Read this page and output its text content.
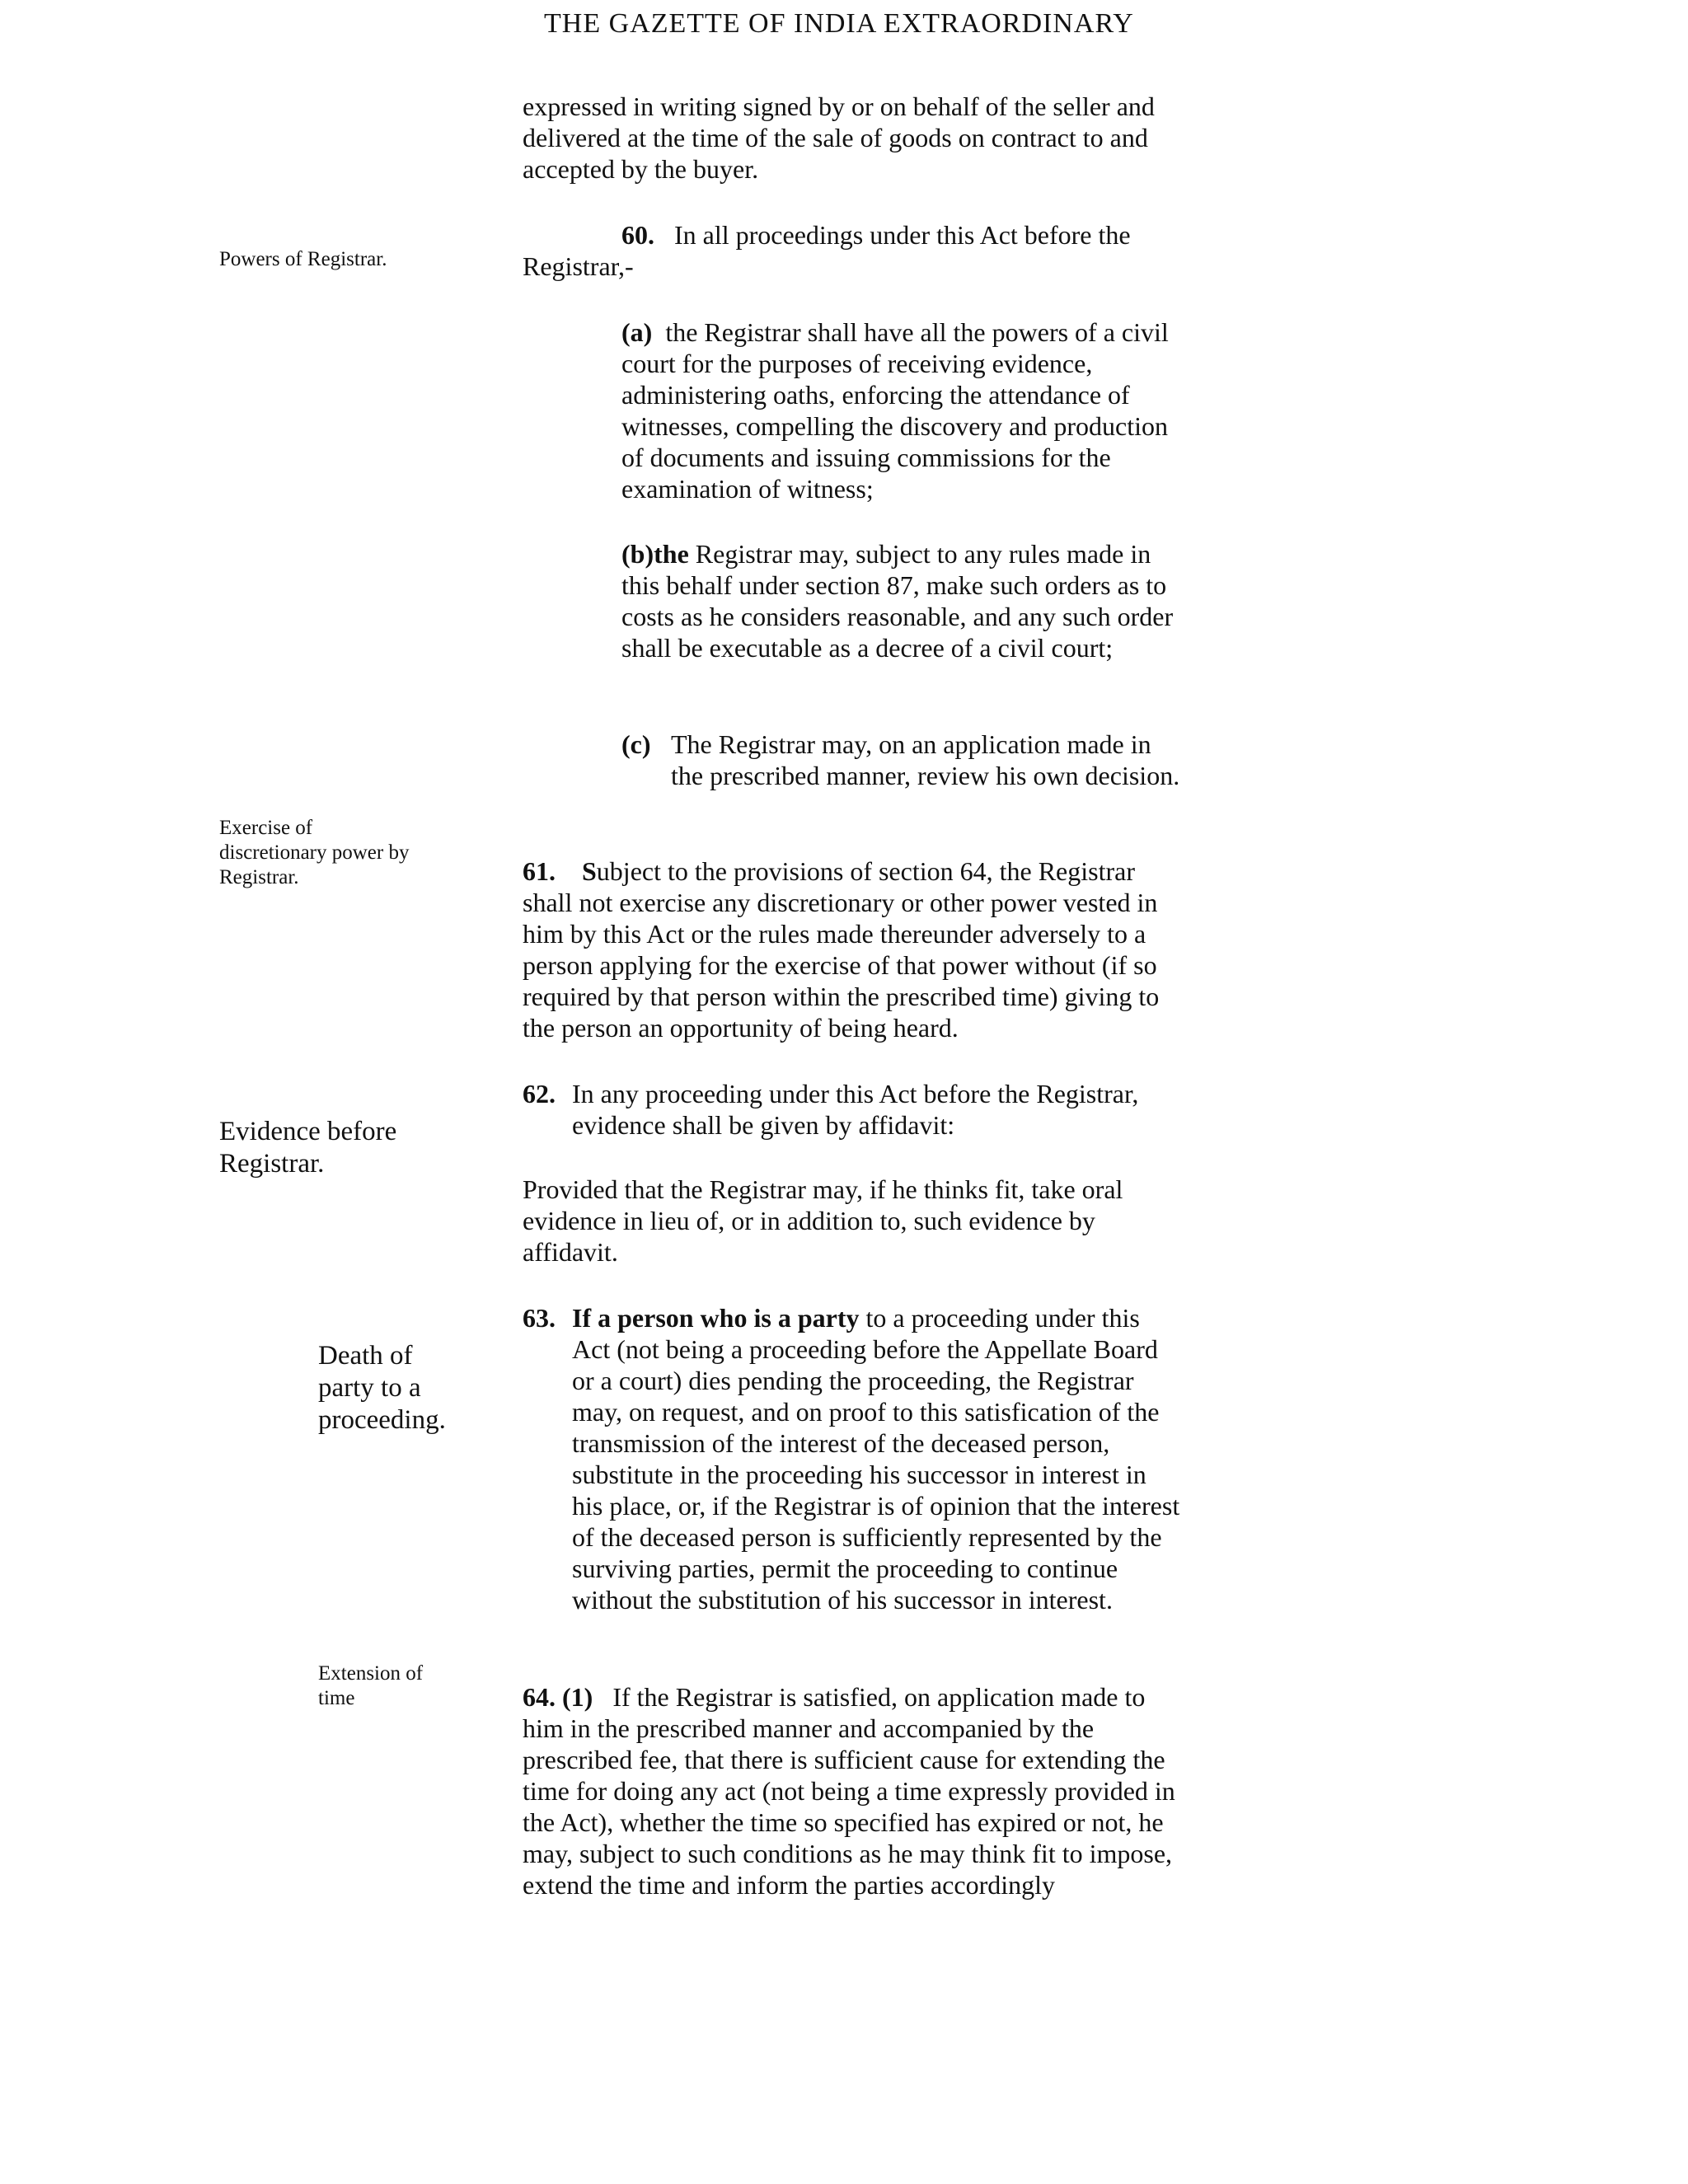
THE GAZETTE OF INDIA EXTRAORDINARY
expressed in writing signed by or on behalf of the seller and delivered at the time of the sale of goods on contract to and accepted by the buyer.
Powers of Registrar.
60. In all proceedings under this Act before the
Registrar,-
(a) the Registrar shall have all the powers of a civil court for the purposes of receiving evidence, administering oaths, enforcing the attendance of witnesses, compelling the discovery and production of documents and issuing commissions for the examination of witness;
(b)the Registrar may, subject to any rules made in this behalf under section 87, make such orders as to costs as he considers reasonable, and any such order shall be executable as a decree of a civil court;
(c) The Registrar may, on an application made in the prescribed manner, review his own decision.
Exercise of discretionary power by Registrar.	61. Subject to the provisions of section 64, the Registrar shall not exercise any discretionary or other power vested in him by this Act or the rules made thereunder adversely to a person applying for the exercise of that power without (if so required by that person within the prescribed time) giving to the person an opportunity of being heard.
Evidence before Registrar.
62. In any proceeding under this Act before the Registrar, evidence shall be given by affidavit:
Provided that the Registrar may, if he thinks fit, take oral evidence in lieu of, or in addition to, such evidence by affidavit.
Death of party to a proceeding.
63. If a person who is a party to a proceeding under this Act (not being a proceeding before the Appellate Board or a court) dies pending the proceeding, the Registrar may, on request, and on proof to this satisfication of the transmission of the interest of the deceased person, substitute in the proceeding his successor in interest in his place, or, if the Registrar is of opinion that the interest of the deceased person is sufficiently represented by the surviving parties, permit the proceeding to continue without the substitution of his successor in interest.
Extension of time	64. (1) If the Registrar is satisfied, on application made to him in the prescribed manner and accompanied by the prescribed fee, that there is sufficient cause for extending the time for doing any act (not being a time expressly provided in the Act), whether the time so specified has expired or not, he may, subject to such conditions as he may think fit to impose, extend the time and inform the parties accordingly
